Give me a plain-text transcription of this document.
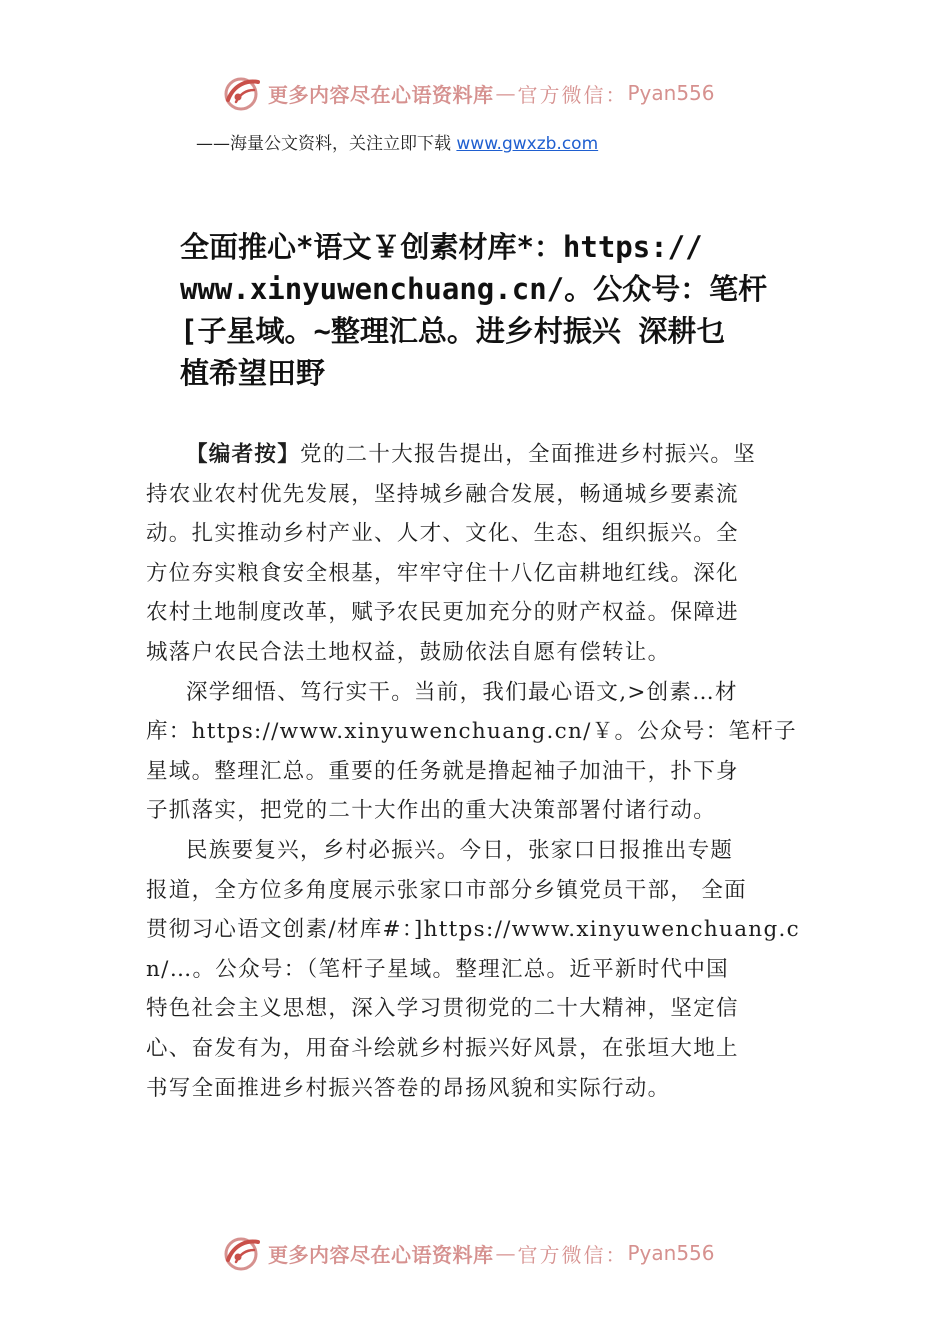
更多内容尽在心语资料库 — 官方微信： Pyan556
——海量公文资料，关注立即下载 www.gwxzb.com
全面推心*语文￥创素材库*：https://
www.xinyuwenchuang.cn/。公众号：笔杆
[子星域。~整理汇总。进乡村振兴 深耕乜
植希望田野
【编者按】党的二十大报告提出，全面推进乡村振兴。坚
持农业农村优先发展，坚持城乡融合发展，畅通城乡要素流
动。扎实推动乡村产业、人才、文化、生态、组织振兴。全
方位夯实粮食安全根基，牢牢守住十八亿亩耕地红线。深化
农村土地制度改革，赋予农民更加充分的财产权益。保障进
城落户农民合法土地权益，鼓励依法自愿有偿转让。
深学细悟、笃行实干。当前，我们最心语文,>创素…材
库：https://www.xinyuwenchuang.cn/￥。公众号：笔杆子
星域。整理汇总。重要的任务就是撸起袖子加油干，扑下身
子抓落实，把党的二十大作出的重大决策部署付诸行动。
民族要复兴，乡村必振兴。今日，张家口日报推出专题
报道，全方位多角度展示张家口市部分乡镇党员干部， 全面
贯彻习心语文创素/材库#：]https://www.xinyuwenchuang.c
n/…。公众号：（笔杆子星域。整理汇总。近平新时代中国
特色社会主义思想，深入学习贯彻党的二十大精神，坚定信
心、奋发有为，用奋斗绘就乡村振兴好风景，在张垣大地上
书写全面推进乡村振兴答卷的昂扬风貌和实际行动。
更多内容尽在心语资料库 — 官方微信： Pyan556
